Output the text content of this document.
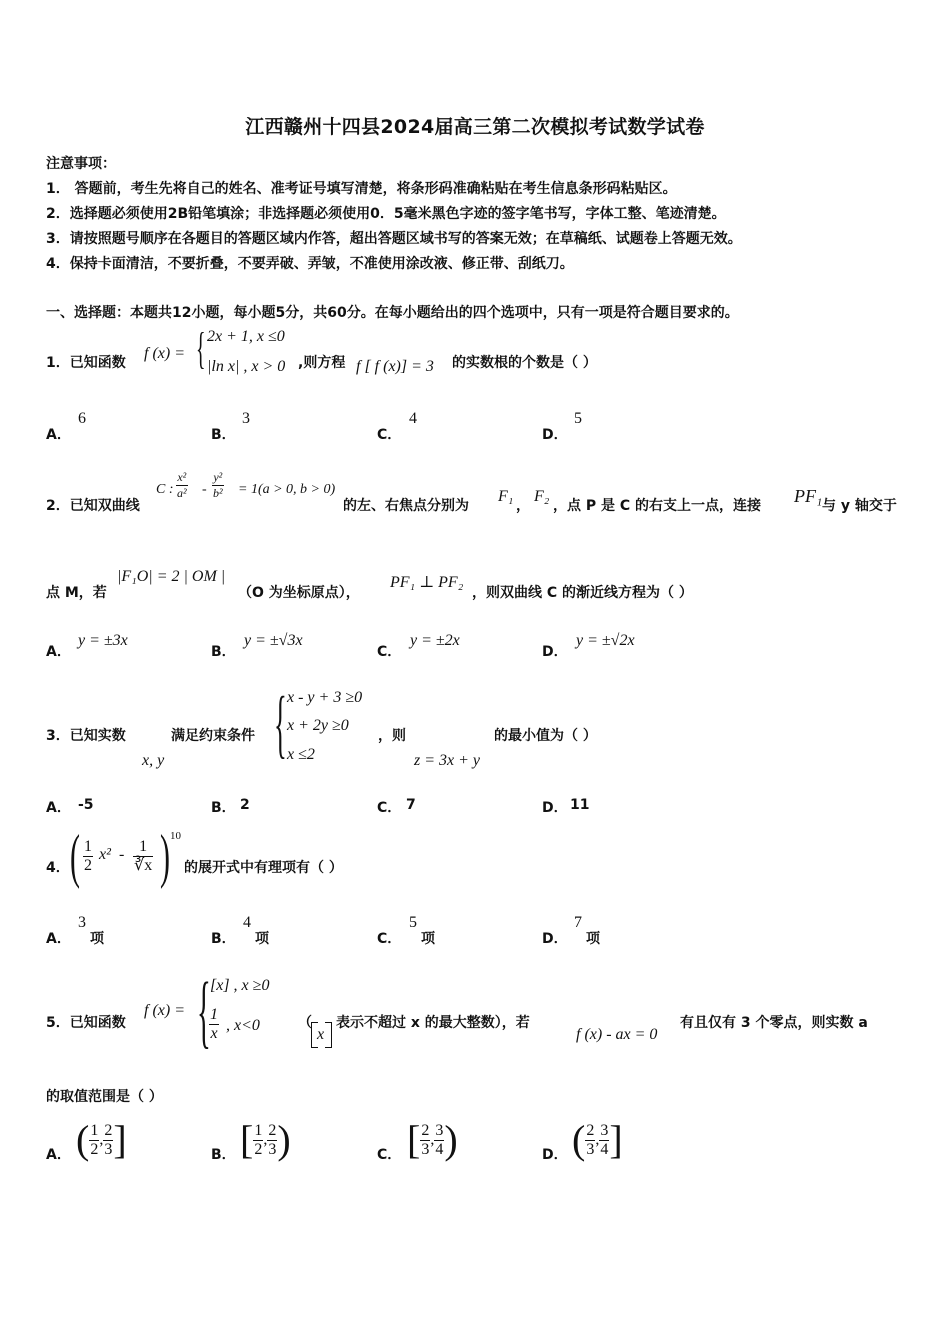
江西赣州十四县2024届高三第二次模拟考试数学试卷
注意事项：
1． 答题前，考生先将自己的姓名、准考证号填写清楚，将条形码准确粘贴在考生信息条形码粘贴区。
2．选择题必须使用2B铅笔填涂；非选择题必须使用0．5毫米黑色字迹的签字笔书写，字体工整、笔迹清楚。
3．请按照题号顺序在各题目的答题区域内作答，超出答题区域书写的答案无效；在草稿纸、试题卷上答题无效。
4．保持卡面清洁，不要折叠，不要弄破、弄皱，不准使用涂改液、修正带、刮纸刀。
一、选择题：本题共12小题，每小题5分，共60分。在每小题给出的四个选项中，只有一项是符合题目要求的。
1．已知函数
f (x) = { 2x + 1, x ≤0
|ln x| , x > 0 ,则方程 f [ f (x)] = 3 的实数根的个数是（ ）
A．
6
B．
3
C．
4
D．
5
2．已知双曲线
C : $\frac{\text{x²}}{\text{a²}} - \frac{\text{y²}}{\text{b²}} = 1(a > 0$, b > 0)
的左、右焦点分别为
F₁
，
F₂
，点 P 是 C 的右支上一点，连接 PF₁ 与 y 轴交于
点 M，若
|F₁O| = 2 | OM |
（O 为坐标原点），
PF₁ ⊥ PF₂
，则双曲线 C 的渐近线方程为（ ）
A．
y = ±3x
B．
y = ±√3x
C．
y = ±2x
D．
y = ±√2x
3．已知实数
x, y
满足约束条件 { x - y + 3 ≥0
x + 2y ≥0
x ≤2
，则
z = 3x + y
的最小值为（ ）
A． -5	B． 2	C． 7	D． 11
4． ( $\frac{1}{2} x^2 - \frac{1}{∛x}$ ) 10
的展开式中有理项有（ ）
A．
3
项	B．
4
项	C．
5
项	D．
7
项
5．已知函数
f (x) = { [x] , x ≥0
$\frac{1}{x}$ , x<0	（
x
表示不超过 x 的最大整数），若
f (x) - ax = 0
有且仅有 3 个零点，则实数 a
的取值范围是（ ）
A． ( $\frac{1}{2}$ , $\frac{2}{3}$ ]	B． [ $\frac{1}{2}$ , $\frac{2}{3}$ )	C． [ $\frac{2}{3}$ , $\frac{3}{4}$ )	D． ( $\frac{2}{3}$ , $\frac{3}{4}$ ]
